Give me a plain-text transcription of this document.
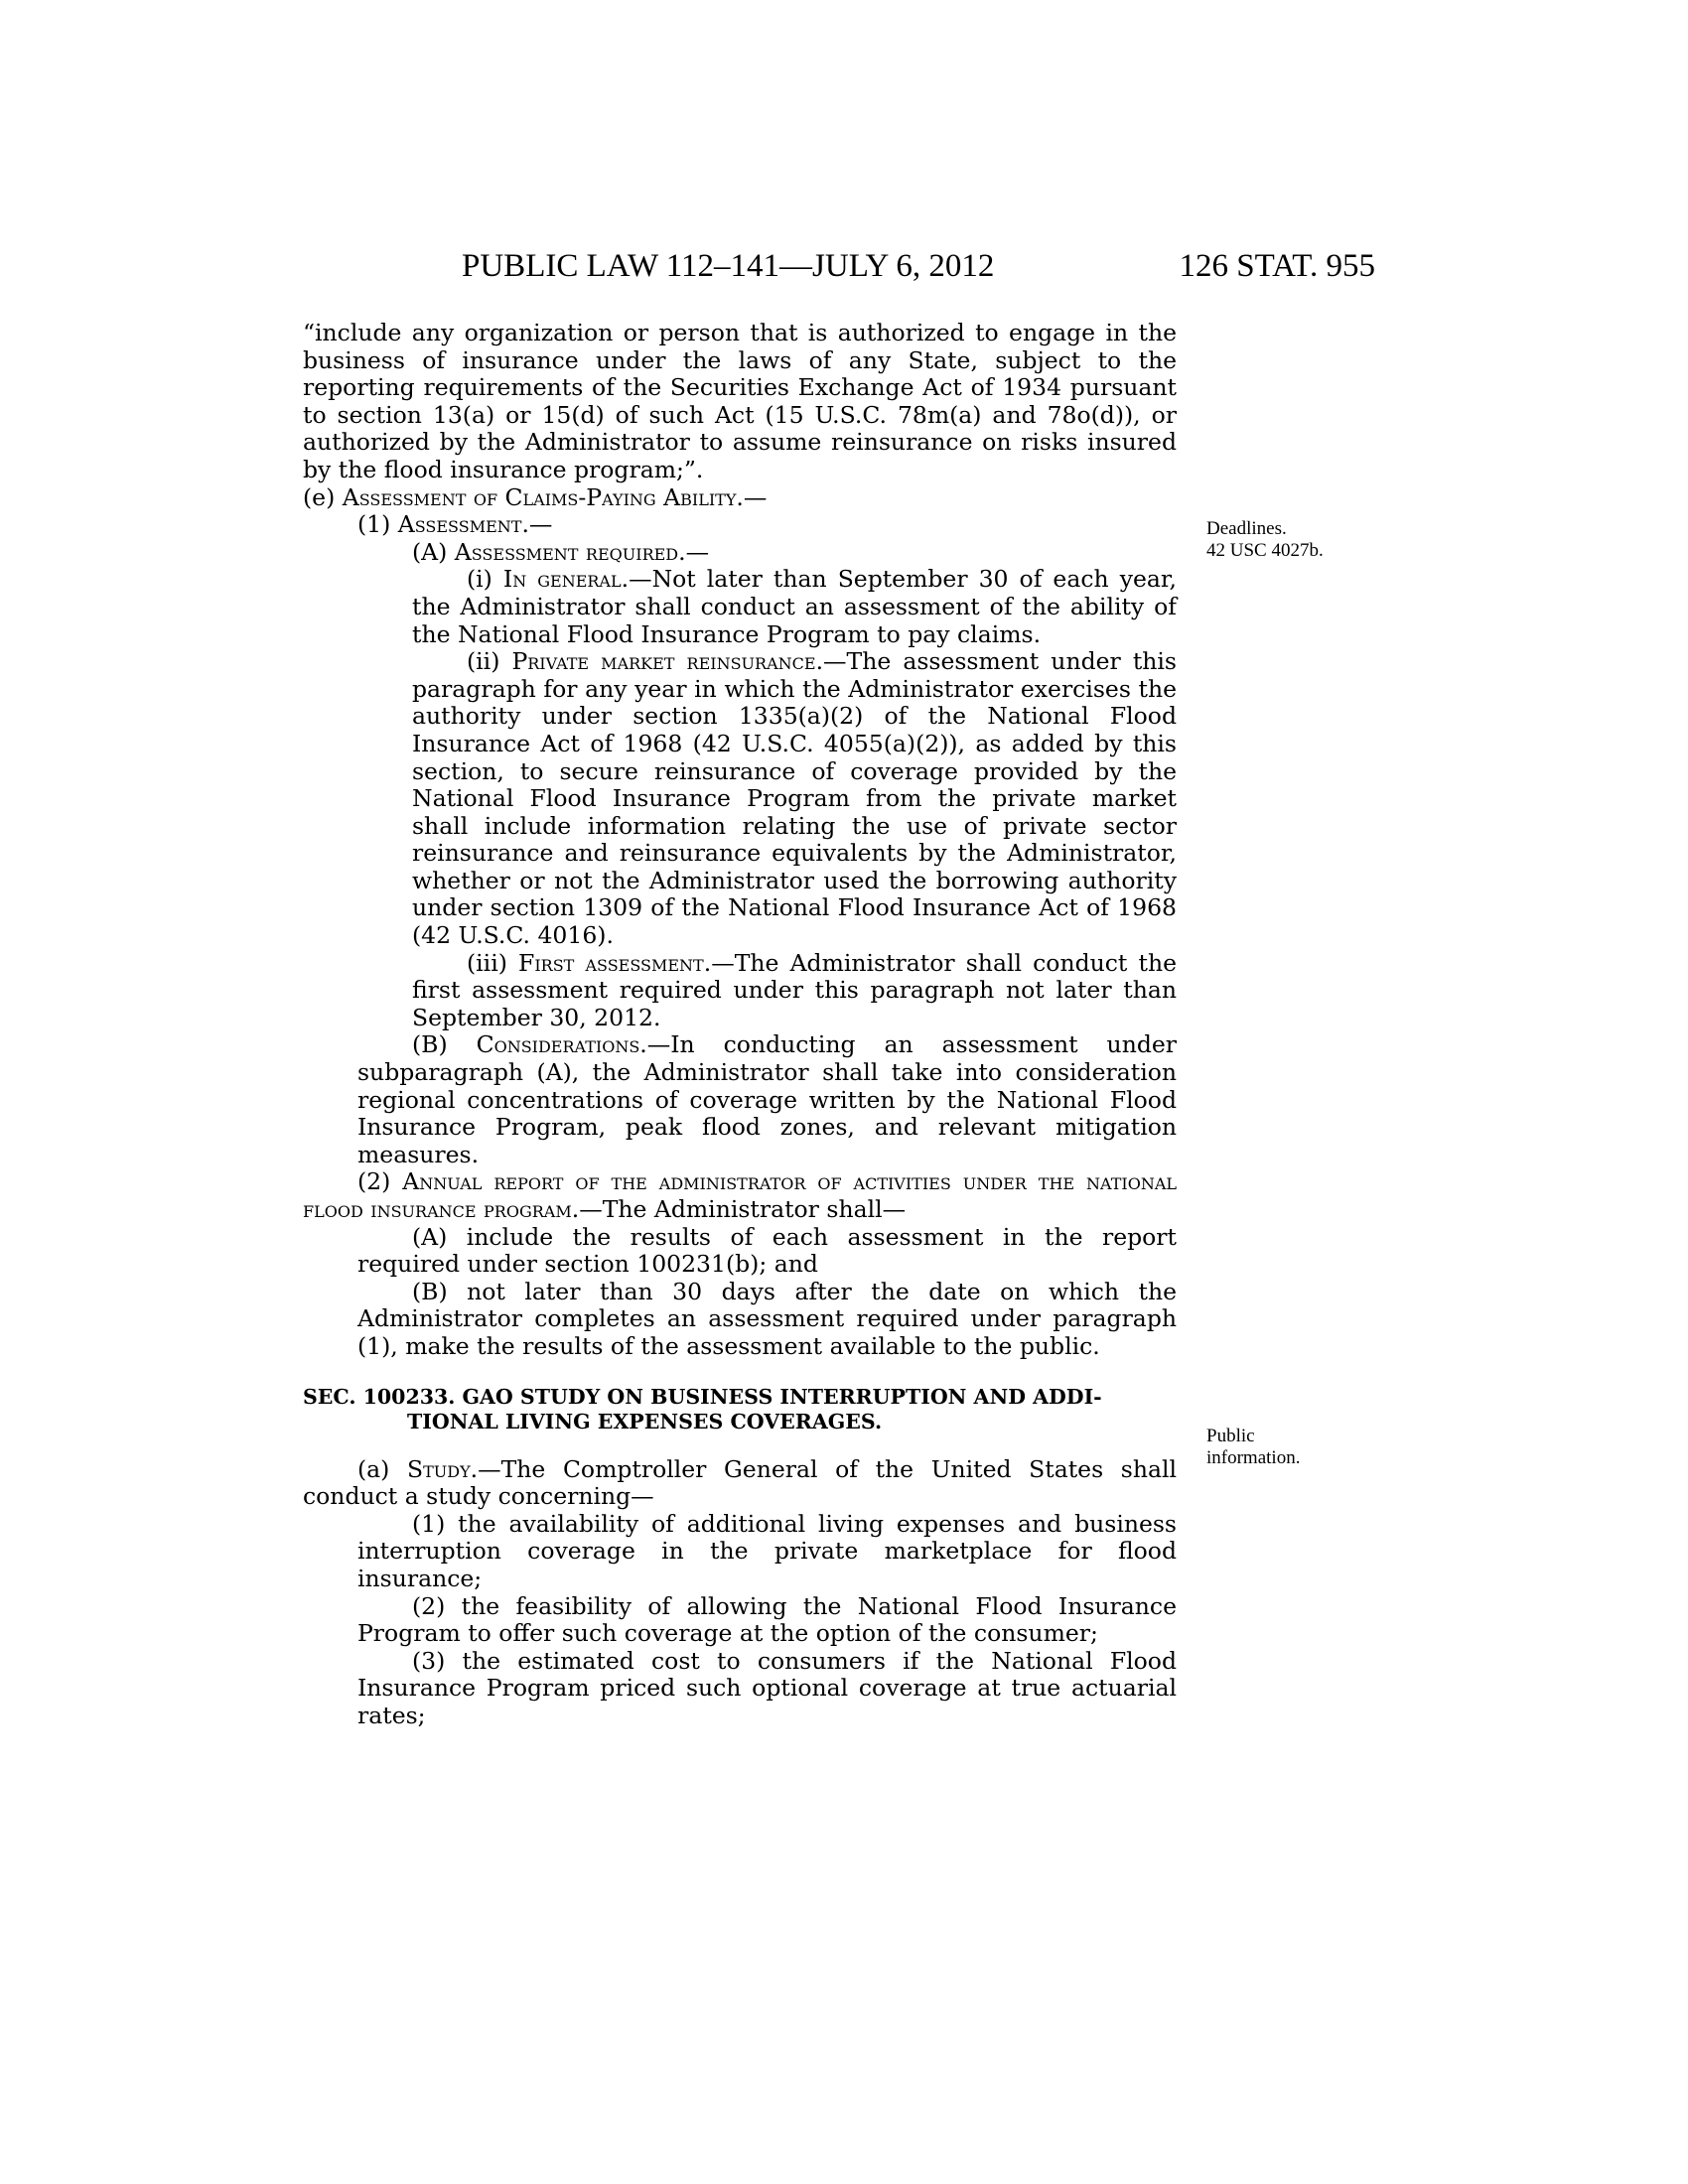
PUBLIC LAW 112–141—JULY 6, 2012	126 STAT. 955
Deadlines.
42 USC 4027b.
Public
information.

“include any organization or person that is authorized to engage in the business of insurance under the laws of any State, subject to the reporting requirements of the Securities Exchange Act of 1934 pursuant to section 13(a) or 15(d) of such Act (15 U.S.C. 78m(a) and 78o(d)), or authorized by the Administrator to assume reinsurance on risks insured by the flood insurance program;”.

(e) Assessment of Claims-Paying Ability.—

(1) Assessment.—

(A) Assessment required.—

(i) In general.—Not later than September 30 of each year, the Administrator shall conduct an assessment of the ability of the National Flood Insurance Program to pay claims.

(ii) Private market reinsurance.—The assessment under this paragraph for any year in which the Administrator exercises the authority under section 1335(a)(2) of the National Flood Insurance Act of 1968 (42 U.S.C. 4055(a)(2)), as added by this section, to secure reinsurance of coverage provided by the National Flood Insurance Program from the private market shall include information relating the use of private sector reinsurance and reinsurance equivalents by the Administrator, whether or not the Administrator used the borrowing authority under section 1309 of the National Flood Insurance Act of 1968 (42 U.S.C. 4016).

(iii) First assessment.—The Administrator shall conduct the first assessment required under this paragraph not later than September 30, 2012.

(B) Considerations.—In conducting an assessment under subparagraph (A), the Administrator shall take into consideration regional concentrations of coverage written by the National Flood Insurance Program, peak flood zones, and relevant mitigation measures.

(2) Annual report of the administrator of activities under the national flood insurance program.—The Administrator shall—

(A) include the results of each assessment in the report required under section 100231(b); and

(B) not later than 30 days after the date on which the Administrator completes an assessment required under paragraph (1), make the results of the assessment available to the public.

SEC. 100233. GAO STUDY ON BUSINESS INTERRUPTION AND ADDI-
TIONAL LIVING EXPENSES COVERAGES.

(a) Study.—The Comptroller General of the United States shall conduct a study concerning—

(1) the availability of additional living expenses and business interruption coverage in the private marketplace for flood insurance;

(2) the feasibility of allowing the National Flood Insurance Program to offer such coverage at the option of the consumer;

(3) the estimated cost to consumers if the National Flood Insurance Program priced such optional coverage at true actuarial rates;
